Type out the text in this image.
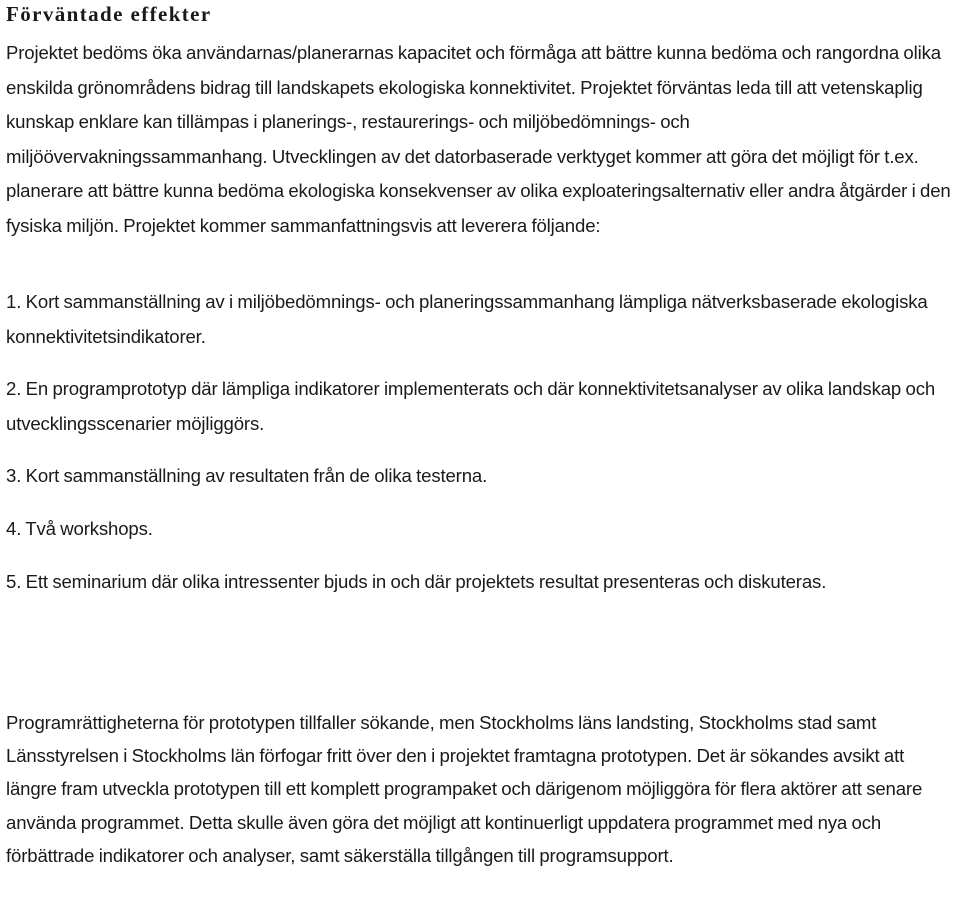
Förväntade effekter

Projektet bedöms öka användarnas/planerarnas kapacitet och förmåga att bättre kunna bedöma och rangordna olika enskilda grönområdens bidrag till landskapets ekologiska konnektivitet. Projektet förväntas leda till att vetenskaplig kunskap enklare kan tillämpas i planerings-, restaurerings- och miljöbedömnings- och miljöövervakningssammanhang. Utvecklingen av det datorbaserade verktyget kommer att göra det möjligt för t.ex. planerare att bättre kunna bedöma ekologiska konsekvenser av olika exploateringsalternativ eller andra åtgärder i den fysiska miljön. Projektet kommer sammanfattningsvis att leverera följande:

1. Kort sammanställning av i miljöbedömnings- och planeringssammanhang lämpliga nätverksbaserade ekologiska konnektivitetsindikatorer.

2. En programprototyp där lämpliga indikatorer implementerats och där konnektivitetsanalyser av olika landskap och utvecklingsscenarier möjliggörs.

3. Kort sammanställning av resultaten från de olika testerna.

4. Två workshops.

5. Ett seminarium där olika intressenter bjuds in och där projektets resultat presenteras och diskuteras.

Programrättigheterna för prototypen tillfaller sökande, men Stockholms läns landsting, Stockholms stad samt Länsstyrelsen i Stockholms län förfogar fritt över den i projektet framtagna prototypen. Det är sökandes avsikt att längre fram utveckla prototypen till ett komplett programpaket och därigenom möjliggöra för flera aktörer att senare använda programmet. Detta skulle även göra det möjligt att kontinuerligt uppdatera programmet med nya och förbättrade indikatorer och analyser, samt säkerställa tillgången till programsupport.
